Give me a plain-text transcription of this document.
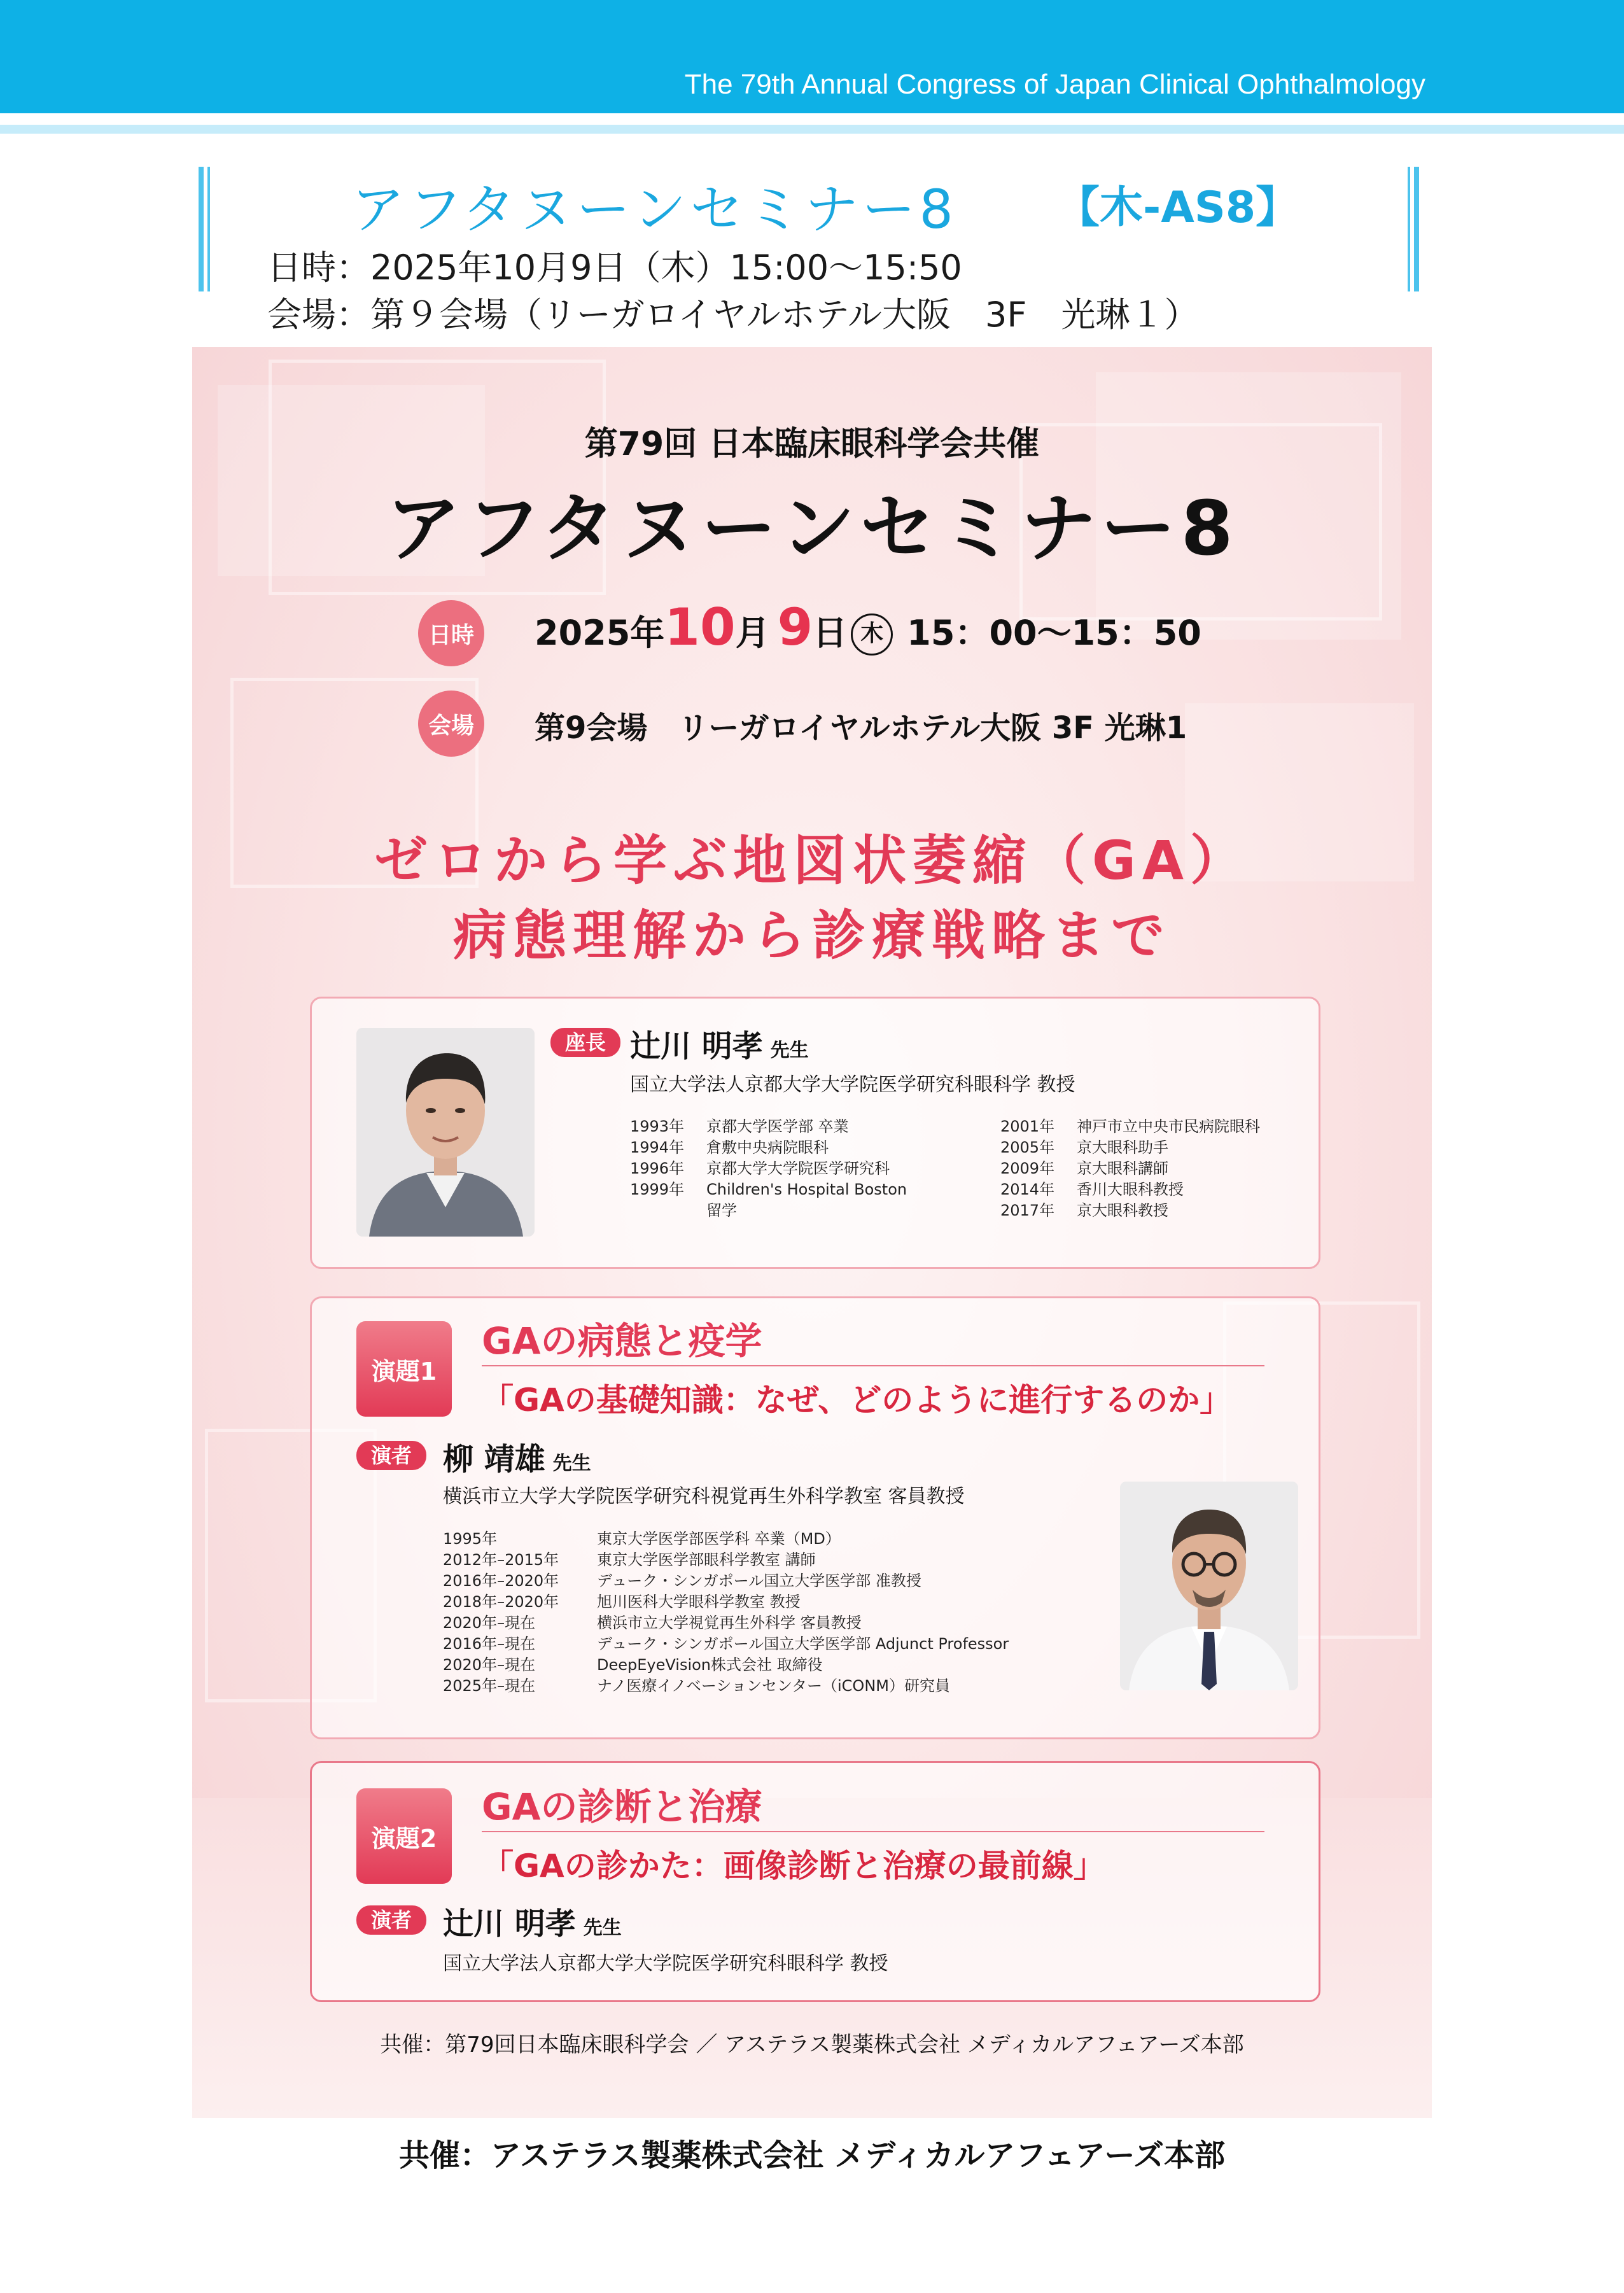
The 79th Annual Congress of Japan Clinical Ophthalmology
アフタヌーンセミナー8 【木-AS8】
日時：2025年10月9日（木）15:00～15:50
会場：第９会場（リーガロイヤルホテル大阪　3F　光琳１）
第79回 日本臨床眼科学会共催
アフタヌーンセミナー8
日時 2025年10月 9日 木 15：00～15：50
会場	第9会場　リーガロイヤルホテル大阪 3F 光琳1
ゼロから学ぶ地図状萎縮（GA）
病態理解から診療戦略まで
座長 辻川 明孝 先生
国立大学法人京都大学大学院医学研究科眼科学 教授
1993年 京都大学医学部 卒業
1994年 倉敷中央病院眼科
1996年 京都大学大学院医学研究科
1999年 Children's Hospital Boston
留学
2001年 神戸市立中央市民病院眼科
2005年 京大眼科助手
2009年 京大眼科講師
2014年 香川大眼科教授
2017年 京大眼科教授
演題1
GAの病態と疫学
「GAの基礎知識：なぜ、どのように進行するのか」
演者	柳 靖雄 先生
横浜市立大学大学院医学研究科視覚再生外科学教室 客員教授
1995年	東京大学医学部医学科 卒業（MD）
2012年–2015年 東京大学医学部眼科学教室 講師
2016年–2020年 デューク・シンガポール国立大学医学部 准教授
2018年–2020年 旭川医科大学眼科学教室 教授
2020年–現在	横浜市立大学視覚再生外科学 客員教授
2016年–現在	デューク・シンガポール国立大学医学部 Adjunct Professor
2020年–現在	DeepEyeVision株式会社 取締役
2025年–現在	ナノ医療イノベーションセンター（iCONM）研究員
演題2
GAの診断と治療
「GAの診かた：画像診断と治療の最前線」
演者	辻川 明孝 先生
国立大学法人京都大学大学院医学研究科眼科学 教授
共催：第79回日本臨床眼科学会 ／ アステラス製薬株式会社 メディカルアフェアーズ本部
共催：アステラス製薬株式会社 メディカルアフェアーズ本部
